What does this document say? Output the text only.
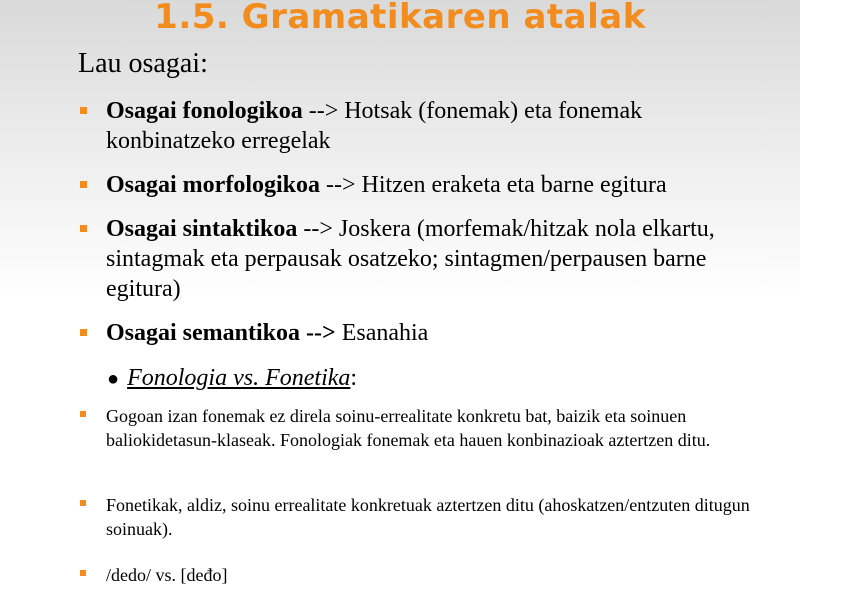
1.5. Gramatikaren atalak

Lau osagai:

Osagai fonologikoa --> Hotsak (fonemak) eta fonemak konbinatzeko erregelak
Osagai morfologikoa --> Hitzen eraketa eta barne egitura
Osagai sintaktikoa --> Joskera (morfemak/hitzak nola elkartu, sintagmak eta perpausak osatzeko; sintagmen/perpausen barne egitura)
Osagai semantikoa --> Esanahia
● Fonologia vs. Fonetika:
Gogoan izan fonemak ez direla soinu-errealitate konkretu bat, baizik eta soinuen baliokidetasun-klaseak. Fonologiak fonemak eta hauen konbinazioak aztertzen ditu.
Fonetikak, aldiz, soinu errealitate konkretuak aztertzen ditu (ahoskatzen/entzuten ditugun soinuak).
/dedo/ vs. [deđo]
